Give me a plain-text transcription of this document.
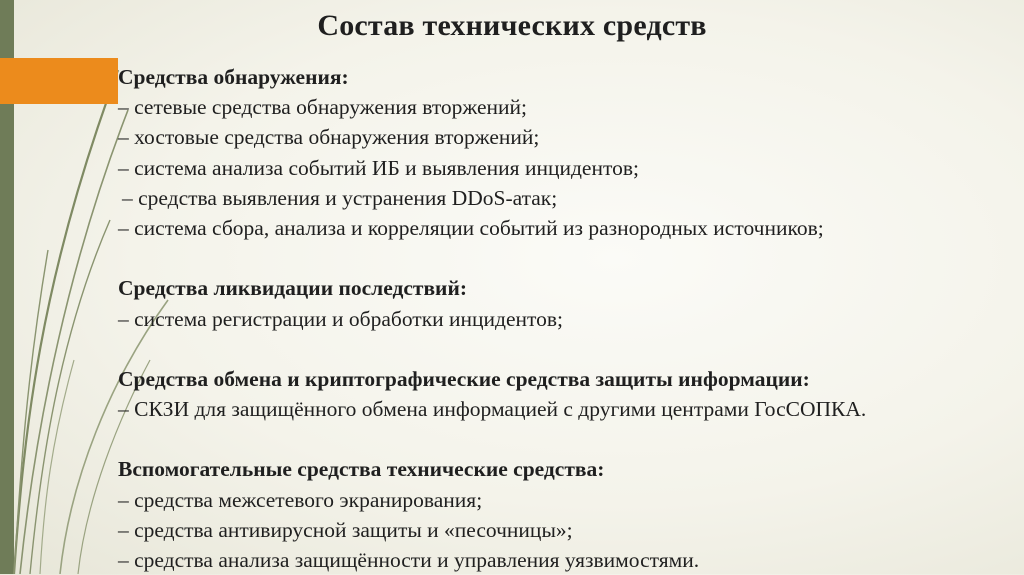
Состав технических средств
Средства обнаружения:
– сетевые средства обнаружения вторжений;
– хостовые средства обнаружения вторжений;
– система анализа событий ИБ и выявления инцидентов;
– средства выявления и устранения DDoS-атак;
– система сбора, анализа и корреляции событий из разнородных источников;
Средства ликвидации последствий:
– система регистрации и обработки инцидентов;
Средства обмена и криптографические средства защиты информации:
– СКЗИ для защищённого обмена информацией с другими центрами ГосСОПКА.
Вспомогательные средства технические средства:
– средства межсетевого экранирования;
– средства антивирусной защиты и «песочницы»;
– средства анализа защищённости и управления уязвимостями.
